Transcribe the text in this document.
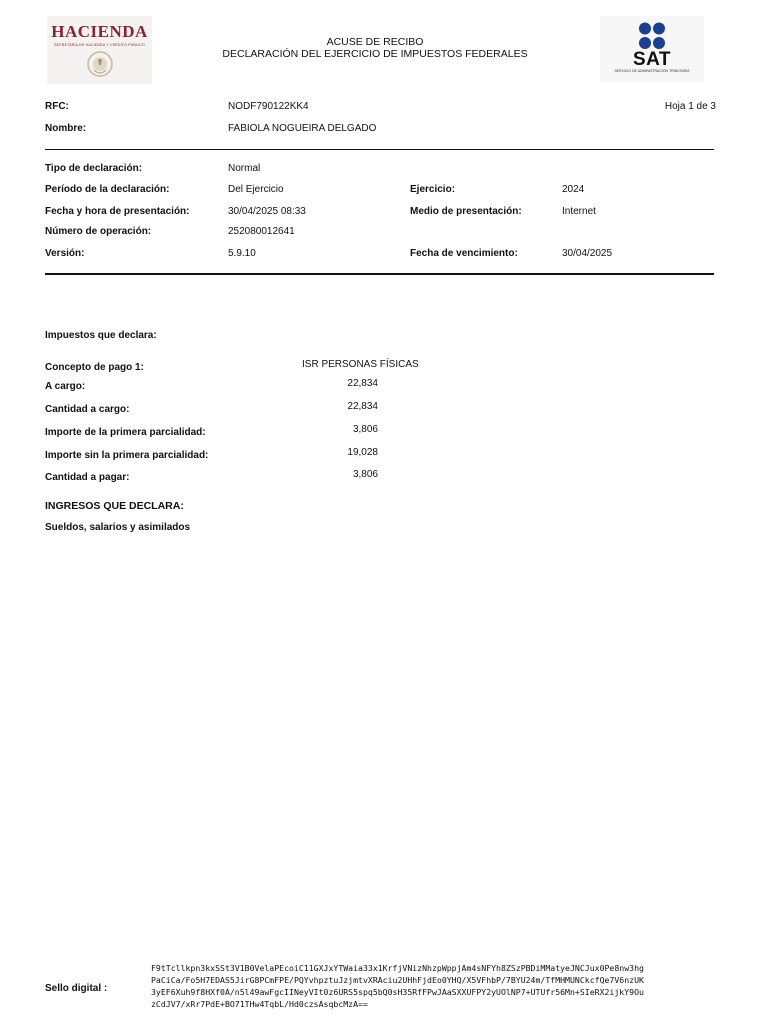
HACIENDA
SECRETARÍA DE HACIENDA Y CRÉDITO PÚBLICO	ACUSE DE RECIBO
DECLARACIÓN DEL EJERCICIO DE IMPUESTOS FEDERALES	SAT
SERVICIO DE ADMINISTRACIÓN TRIBUTARIA
RFC:	NODF790122KK4	Hoja 1 de 3
Nombre:	FABIOLA NOGUEIRA DELGADO
Tipo de declaración:	Normal
Período de la declaración:	Del Ejercicio	Ejercicio:	2024
Fecha y hora de presentación:	30/04/2025 08:33	Medio de presentación:	Internet
Número de operación:	252080012641
Versión:	5.9.10	Fecha de vencimiento:	30/04/2025
Impuestos que declara:
Concepto de pago 1:	ISR PERSONAS FÍSICAS
A cargo:	22,834
Cantidad a cargo:	22,834
Importe de la primera parcialidad:	3,806
Importe sin la primera parcialidad:	19,028
Cantidad a pagar:	3,806
INGRESOS QUE DECLARA:
Sueldos, salarios y asimilados
Sello digital :
F9tTcllkpn3kxSSt3V1B0VelaPEcoiC11GXJxYTWaia33x1KrfjVNizNhzpWppjAm4sNFYh8ZSzPBDiMMatyeJNCJux0Pe8nw3hg
PaCiCa/Fo5H7EDAS5JirG8PCmFPE/PQYvhpztuJzjmtvXRAciu2UHhFjdEo0YHQ/X5VFhbP/7BYU24m/TfMHMUNCkcfQe7V6nzUK
3yEF6Xuh9f8HXf0A/n5l49awFgcIINeyVIt0z6URS5spq5bQ0sH35RfFPwJAaSXXUFPY2yUOlNP7+UTUfr56Mn+SIeRX2ijkY9Ou
zCdJV7/xRr7PdE+BO71THw4TqbL/Hd0czsAsqbcMzA==
